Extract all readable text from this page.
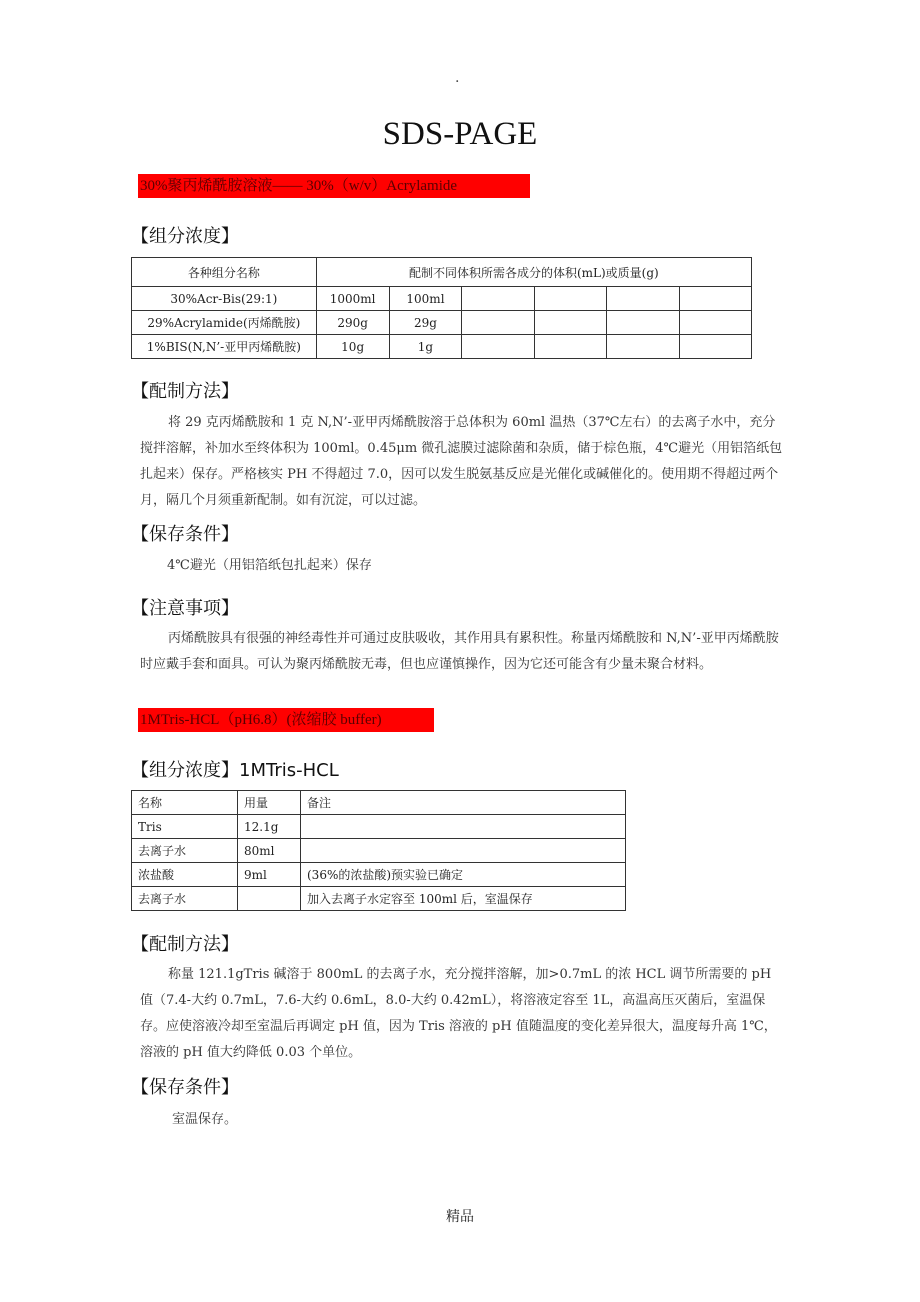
.
SDS-PAGE
30%聚丙烯酰胺溶液—— 30%（w/v）Acrylamide
【组分浓度】
各种组分名称	配制不同体积所需各成分的体积(mL)或质量(g)					
30%Acr-Bis(29:1)	1000ml	100ml				
29%Acrylamide(丙烯酰胺)	290g	29g				
1%BIS(N,N’-亚甲丙烯酰胺)	10g	1g				
【配制方法】
将 29 克丙烯酰胺和 1 克 N,N’-亚甲丙烯酰胺溶于总体积为 60ml 温热（37℃左右）的去离子水中，充分搅拌溶解，补加水至终体积为 100ml。0.45μm 微孔滤膜过滤除菌和杂质，储于棕色瓶，4℃避光（用铝箔纸包扎起来）保存。严格核实 PH 不得超过 7.0，因可以发生脱氨基反应是光催化或碱催化的。使用期不得超过两个月，隔几个月须重新配制。如有沉淀，可以过滤。
【保存条件】
4℃避光（用铝箔纸包扎起来）保存
【注意事项】
丙烯酰胺具有很强的神经毒性并可通过皮肤吸收，其作用具有累积性。称量丙烯酰胺和 N,N’-亚甲丙烯酰胺时应戴手套和面具。可认为聚丙烯酰胺无毒，但也应谨慎操作，因为它还可能含有少量未聚合材料。
1MTris-HCL（pH6.8）(浓缩胶 buffer)
【组分浓度】1MTris-HCL
名称	用量	备注
Tris	12.1g	
去离子水	80ml	
浓盐酸	9ml	(36%的浓盐酸)预实验已确定
去离子水		加入去离子水定容至 100ml 后，室温保存
【配制方法】
称量 121.1gTris 碱溶于 800mL 的去离子水，充分搅拌溶解，加>0.7mL 的浓 HCL 调节所需要的 pH 值（7.4-大约 0.7mL，7.6-大约 0.6mL，8.0-大约 0.42mL），将溶液定容至 1L，高温高压灭菌后，室温保存。应使溶液冷却至室温后再调定 pH 值，因为 Tris 溶液的 pH 值随温度的变化差异很大，温度每升高 1℃，溶液的 pH 值大约降低 0.03 个单位。
【保存条件】
室温保存。
精品
